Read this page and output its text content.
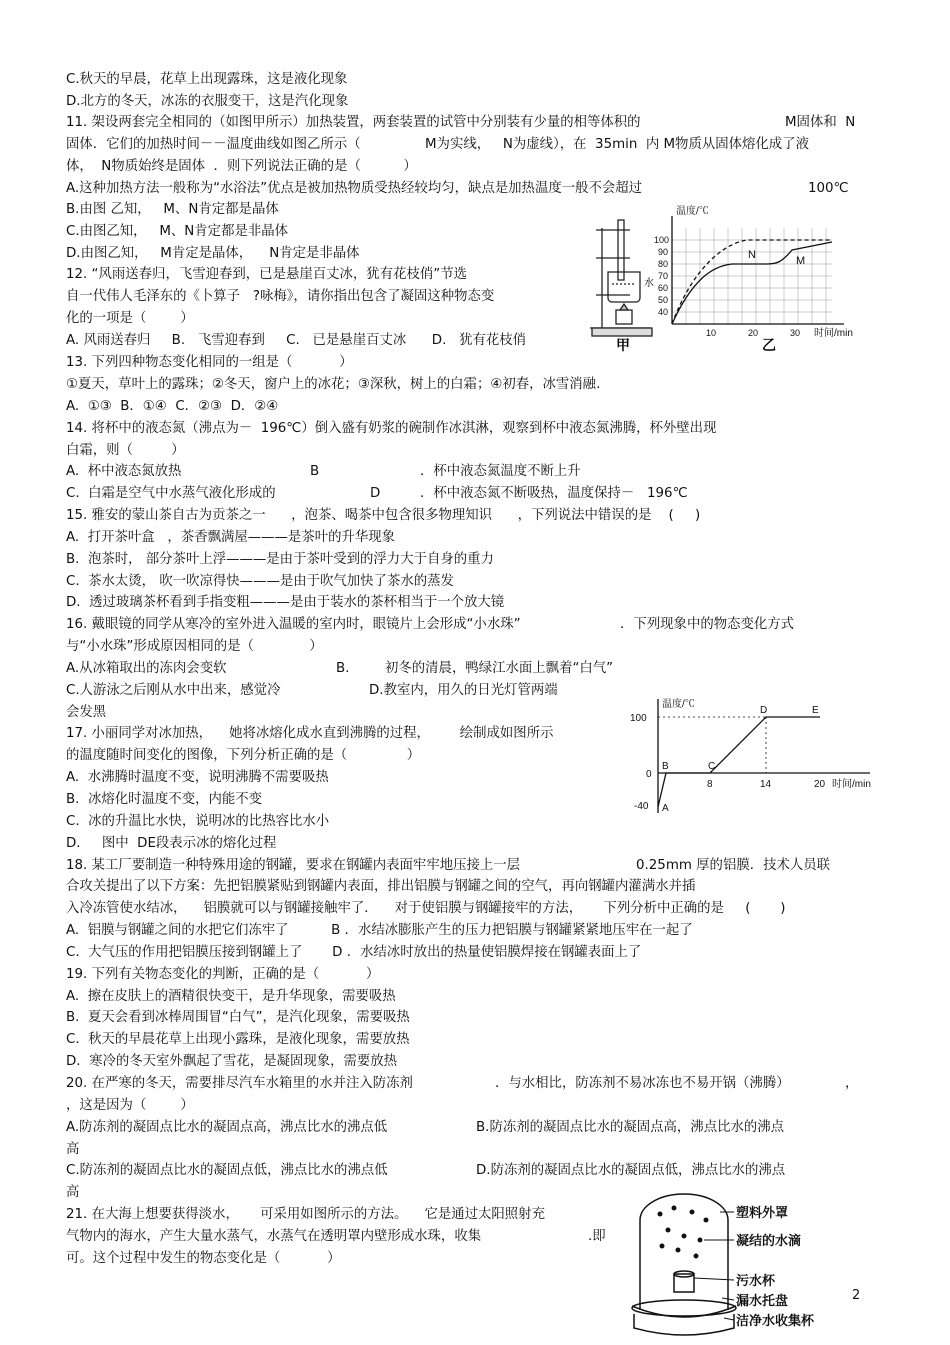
C.秋天的早晨，花草上出现露珠，这是液化现象
D.北方的冬天，冰冻的衣服变干，这是汽化现象
11. 架设两套完全相同的（如图甲所示）加热装置，两套装置的试管中分别装有少量的相等体积的	M固体和  N
固体．它们的加热时间－－温度曲线如图乙所示（	M为实线，   N为虚线），在  35min  内 M物质从固体熔化成了液
体，  N物质始终是固体  ．则下列说法正确的是（          ）
A.这种加热方法一般称为“水浴法”优点是被加热物质受热经较均匀，缺点是加热温度一般不会超过	100℃
B.由图 乙知，   M、N肯定都是晶体
C.由图乙知，   M、N肯定都是非晶体
D.由图乙知，   M肯定是晶体，    N肯定是非晶体
12. “风雨送春归，飞雪迎春到，已是悬崖百丈冰，犹有花枝俏”节选
自一代伟人毛泽东的《卜算子   ?咏梅》，请你指出包含了凝固这种物态变
化的一项是（        ）
A. 风雨送春归     B.   飞雪迎春到     C.   已是悬崖百丈冰      D.   犹有花枝俏
13. 下列四种物态变化相同的一组是（           ）
①夏天，草叶上的露珠；②冬天，窗户上的冰花；③深秋，树上的白霜；④初春，冰雪消融.
A.  ①③  B．①④  C．②③  D．②④
14. 将杯中的液态氮（沸点为－  196℃）倒入盛有奶浆的碗制作冰淇淋，观察到杯中液态氮沸腾，杯外壁出现
白霜，则（         ）
A.  杯中液态氮放热	B	．杯中液态氮温度不断上升
C.  白霜是空气中水蒸气液化形成的	D	．杯中液态氮不断吸热，温度保持－   196℃
15. 雅安的蒙山茶自古为贡茶之一      ，泡茶、喝茶中包含很多物理知识      ，下列说法中错误的是    (     )
A.  打开茶叶盒   ，茶香飘满屋———是茶叶的升华现象
B.  泡茶时， 部分茶叶上浮———是由于茶叶受到的浮力大于自身的重力
C.  茶水太烫， 吹一吹凉得快———是由于吹气加快了茶水的蒸发
D.  透过玻璃茶杯看到手指变粗———是由于装水的茶杯相当于一个放大镜
16. 戴眼镜的同学从寒冷的室外进入温暖的室内时，眼镜片上会形成“小水珠”	．下列现象中的物态变化方式
与“小水珠”形成原因相同的是（             ）
A.从冰箱取出的冻肉会变软	B.	初冬的清晨，鸭绿江水面上飘着“白气”
C.人游泳之后刚从水中出来，感觉冷	D.教室内，用久的日光灯管两端
会发黑
17. 小丽同学对冰加热，    她将冰熔化成水直到沸腾的过程，       绘制成如图所示
的温度随时间变化的图像，下列分析正确的是（              ）
A.  水沸腾时温度不变，说明沸腾不需要吸热
B.  冰熔化时温度不变，内能不变
C.  冰的升温比水快，说明冰的比热容比水小
D.     图中  DE段表示冰的熔化过程
18. 某工厂要制造一种特殊用途的钢罐，要求在钢罐内表面牢牢地压接上一层	0.25mm 厚的铝膜．技术人员联
合攻关提出了以下方案：先把铝膜紧贴到钢罐内表面，排出铝膜与钢罐之间的空气，再向钢罐内灌满水并插
入冷冻管使水结冰，    铝膜就可以与钢罐接触牢了．    对于使铝膜与钢罐接牢的方法，     下列分析中正确的是     (       )
A.  铝膜与钢罐之间的水把它们冻牢了          B ．水结冰膨胀产生的压力把铝膜与钢罐紧紧地压牢在一起了
C.  大气压的作用把铝膜压接到钢罐上了       D ．水结冰时放出的热量使铝膜焊接在钢罐表面上了
19. 下列有关物态变化的判断，正确的是（           ）
A.  擦在皮肤上的酒精很快变干，是升华现象，需要吸热
B.  夏天会看到冰棒周围冒“白气”，是汽化现象，需要吸热
C.  秋天的早晨花草上出现小露珠，是液化现象，需要放热
D.  寒冷的冬天室外飘起了雪花，是凝固现象，需要放热
20. 在严寒的冬天，需要排尽汽车水箱里的水并注入防冻剂	．与水相比，防冻剂不易冰冻也不易开锅（沸腾）	，
，这是因为（        ）
A.防冻剂的凝固点比水的凝固点高，沸点比水的沸点低	B.防冻剂的凝固点比水的凝固点高，沸点比水的沸点
高
C.防冻剂的凝固点比水的凝固点低，沸点比水的沸点低	D.防冻剂的凝固点比水的凝固点低，沸点比水的沸点
高
21. 在大海上想要获得淡水，     可采用如图所示的方法。    它是通过太阳照射充
气物内的海水，产生大量水蒸气，水蒸气在透明罩内壁形成水珠，收集	.即
可。这个过程中发生的物态变化是（           ）
水
甲
温度/℃
100
90
80
70
60
50
40
10	20	30 时间/min
N	M
乙
温度/℃
100
0
-40
8	14	20 时间/min
A
B	C
D	E
塑料外罩
凝结的水滴
污水杯
漏水托盘
洁净水收集杯
2
